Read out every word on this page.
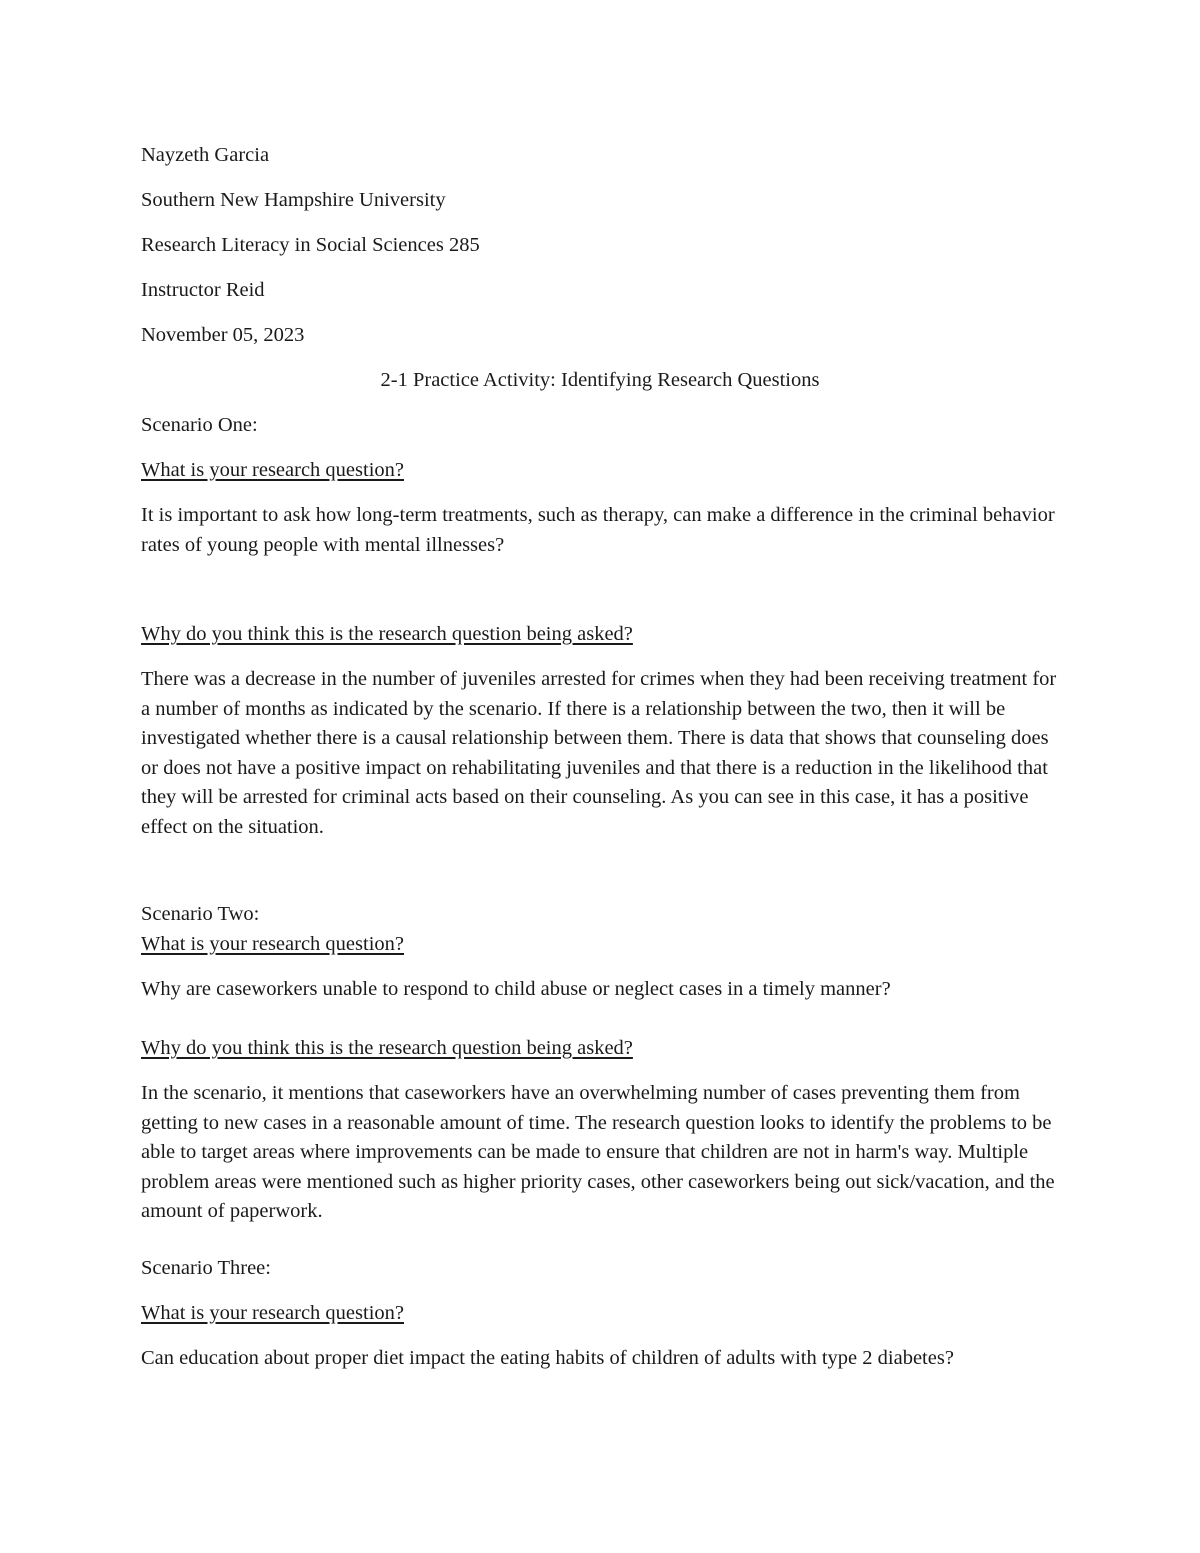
Nayzeth Garcia

Southern New Hampshire University

Research Literacy in Social Sciences 285

Instructor Reid

November 05, 2023

2-1 Practice Activity: Identifying Research Questions

Scenario One:

What is your research question?

It is important to ask how long-term treatments, such as therapy, can make a difference in the criminal behavior rates of young people with mental illnesses?

Why do you think this is the research question being asked?

There was a decrease in the number of juveniles arrested for crimes when they had been receiving treatment for a number of months as indicated by the scenario. If there is a relationship between the two, then it will be investigated whether there is a causal relationship between them. There is data that shows that counseling does or does not have a positive impact on rehabilitating juveniles and that there is a reduction in the likelihood that they will be arrested for criminal acts based on their counseling. As you can see in this case, it has a positive effect on the situation.

Scenario Two:

What is your research question?

Why are caseworkers unable to respond to child abuse or neglect cases in a timely manner?

Why do you think this is the research question being asked?

In the scenario, it mentions that caseworkers have an overwhelming number of cases preventing them from getting to new cases in a reasonable amount of time. The research question looks to identify the problems to be able to target areas where improvements can be made to ensure that children are not in harm's way. Multiple problem areas were mentioned such as higher priority cases, other caseworkers being out sick/vacation, and the amount of paperwork.

Scenario Three:

What is your research question?

Can education about proper diet impact the eating habits of children of adults with type 2 diabetes?
